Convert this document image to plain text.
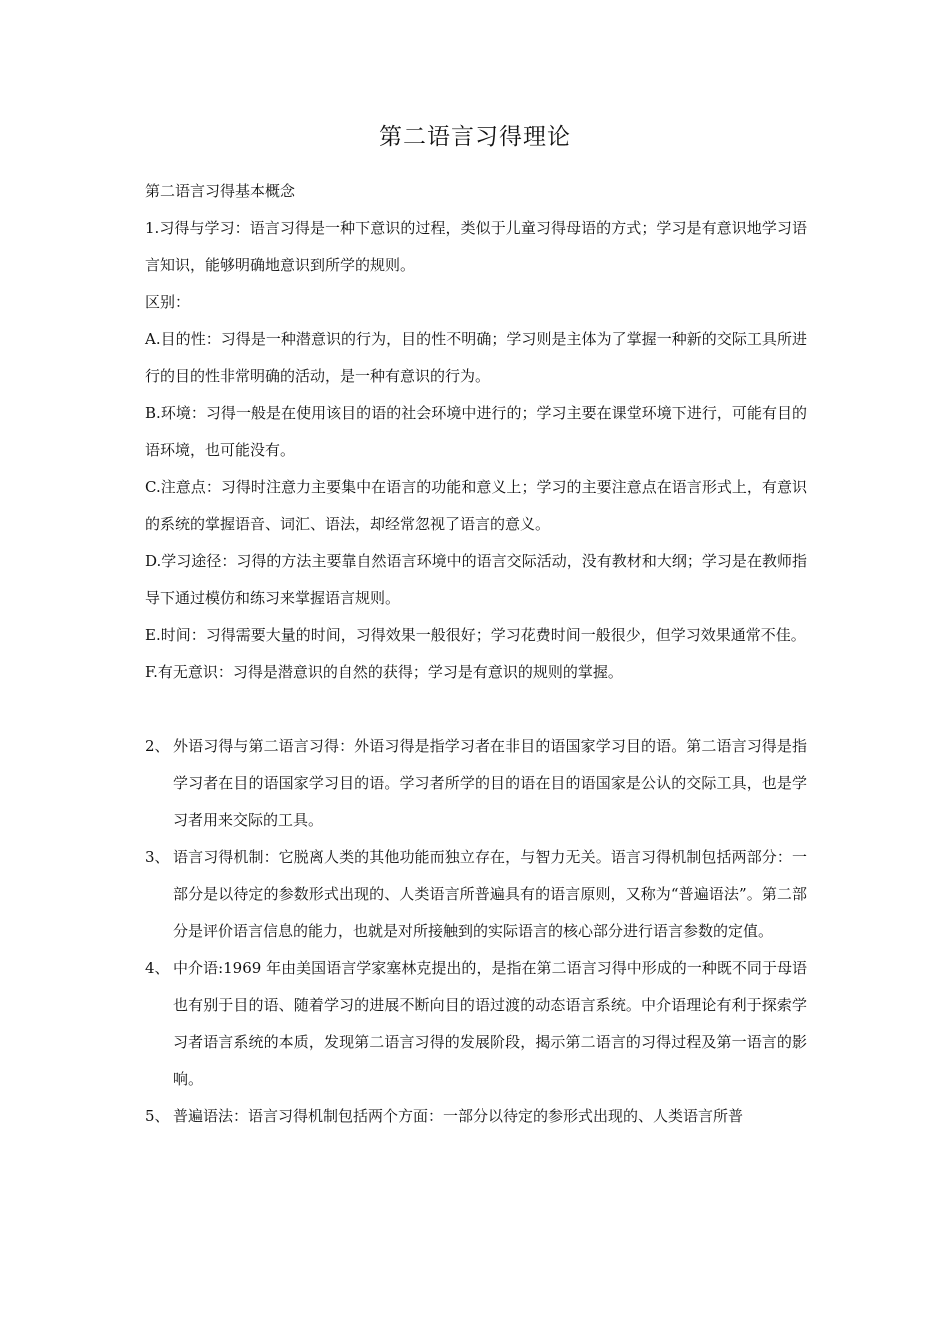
第二语言习得理论

第二语言习得基本概念

1.习得与学习：语言习得是一种下意识的过程，类似于儿童习得母语的方式；学习是有意识地学习语言知识，能够明确地意识到所学的规则。

区别：

A.目的性：习得是一种潜意识的行为，目的性不明确；学习则是主体为了掌握一种新的交际工具所进行的目的性非常明确的活动，是一种有意识的行为。

B.环境：习得一般是在使用该目的语的社会环境中进行的；学习主要在课堂环境下进行，可能有目的语环境，也可能没有。

C.注意点：习得时注意力主要集中在语言的功能和意义上；学习的主要注意点在语言形式上，有意识的系统的掌握语音、词汇、语法，却经常忽视了语言的意义。

D.学习途径：习得的方法主要靠自然语言环境中的语言交际活动，没有教材和大纲；学习是在教师指导下通过模仿和练习来掌握语言规则。

E.时间：习得需要大量的时间，习得效果一般很好；学习花费时间一般很少，但学习效果通常不佳。

F.有无意识：习得是潜意识的自然的获得；学习是有意识的规则的掌握。

2、 外语习得与第二语言习得：外语习得是指学习者在非目的语国家学习目的语。第二语言习得是指学习者在目的语国家学习目的语。学习者所学的目的语在目的语国家是公认的交际工具，也是学习者用来交际的工具。
3、 语言习得机制：它脱离人类的其他功能而独立存在，与智力无关。语言习得机制包括两部分：一部分是以待定的参数形式出现的、人类语言所普遍具有的语言原则，又称为“普遍语法”。第二部分是评价语言信息的能力，也就是对所接触到的实际语言的核心部分进行语言参数的定值。
4、 中介语:1969 年由美国语言学家塞林克提出的，是指在第二语言习得中形成的一种既不同于母语也有别于目的语、随着学习的进展不断向目的语过渡的动态语言系统。中介语理论有利于探索学习者语言系统的本质，发现第二语言习得的发展阶段，揭示第二语言的习得过程及第一语言的影响。
5、 普遍语法：语言习得机制包括两个方面：一部分以待定的参形式出现的、人类语言所普
